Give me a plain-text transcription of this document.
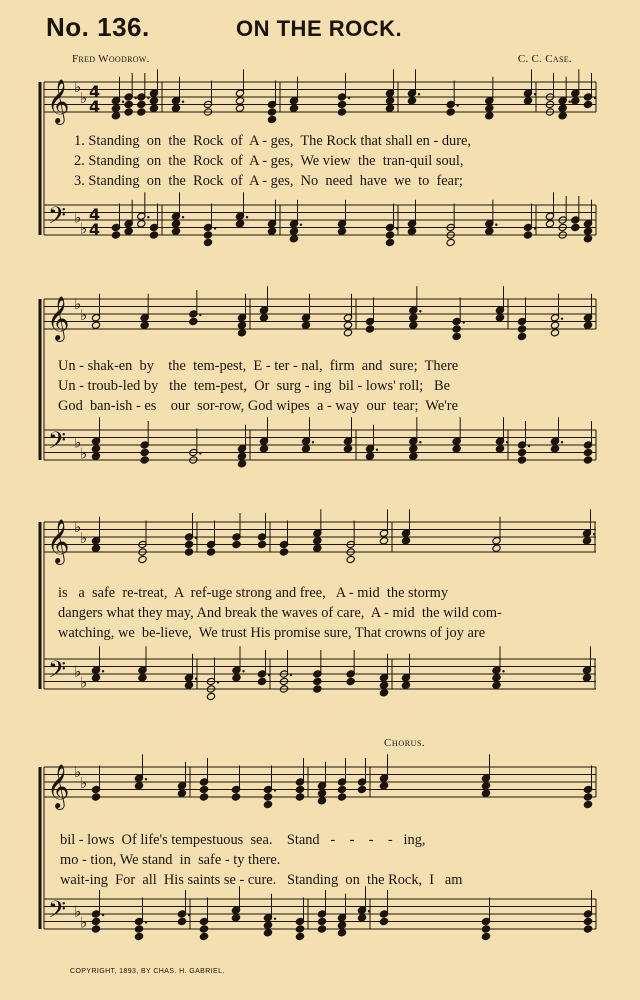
No. 136.	ON THE ROCK.
Fred Woodrow.	C. C. Case.
𝄞
𝄢
♭
♭
♭
♭
4
4
4
4
𝄞
𝄢
♭
♭
♭
♭
𝄞
𝄢
♭
♭
♭
♭
𝄞
𝄢
♭
♭
♭
♭
1. Standing  on  the  Rock  of  A - ges,  The Rock that shall en - dure,
2. Standing  on  the  Rock  of  A - ges,  We view  the  tran-quil soul,
3. Standing  on  the  Rock  of  A - ges,  No  need  have  we  to  fear;
Un - shak-en  by    the  tem-pest,  E - ter - nal,  firm  and  sure;  There
Un - troub-led by   the  tem-pest,  Or  surg - ing  bil - lows' roll;   Be
God  ban-ish - es    our  sor-row, God wipes  a - way  our  tear;  We're
is   a  safe  re-treat,  A  ref-uge strong and free,   A - mid  the stormy
dangers what they may, And break the waves of care,  A - mid  the wild com-
watching, we  be-lieve,  We trust His promise sure, That crowns of joy are
Chorus.
bil - lows  Of life's tempestuous  sea.    Stand   -    -    -    -   ing,
mo - tion, We stand  in  safe - ty there.
wait-ing  For  all  His saints se - cure.   Standing  on  the Rock,  I   am
COPYRIGHT, 1893, BY CHAS. H. GABRIEL.
